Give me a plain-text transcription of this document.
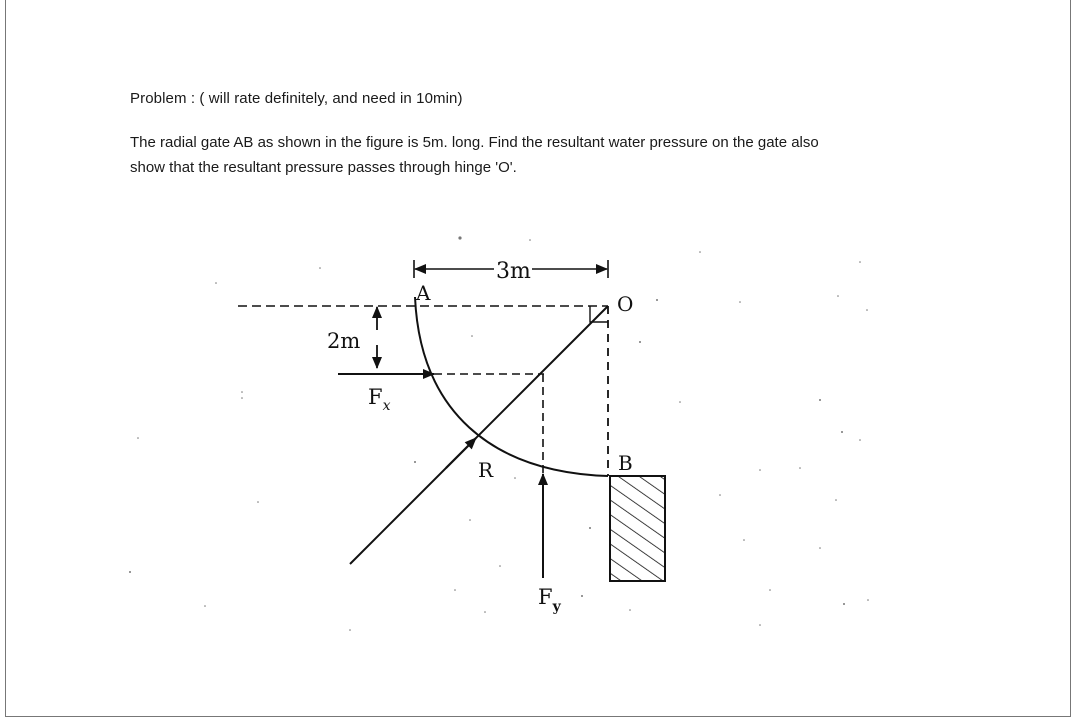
Problem : ( will rate definitely, and need in 10min)
The radial gate AB as shown in the figure is 5m. long. Find the resultant water pressure on the gate also
show that the resultant pressure passes through hinge 'O'.
3m
2m
A	O
B
R
$F_x$
$F_y$
